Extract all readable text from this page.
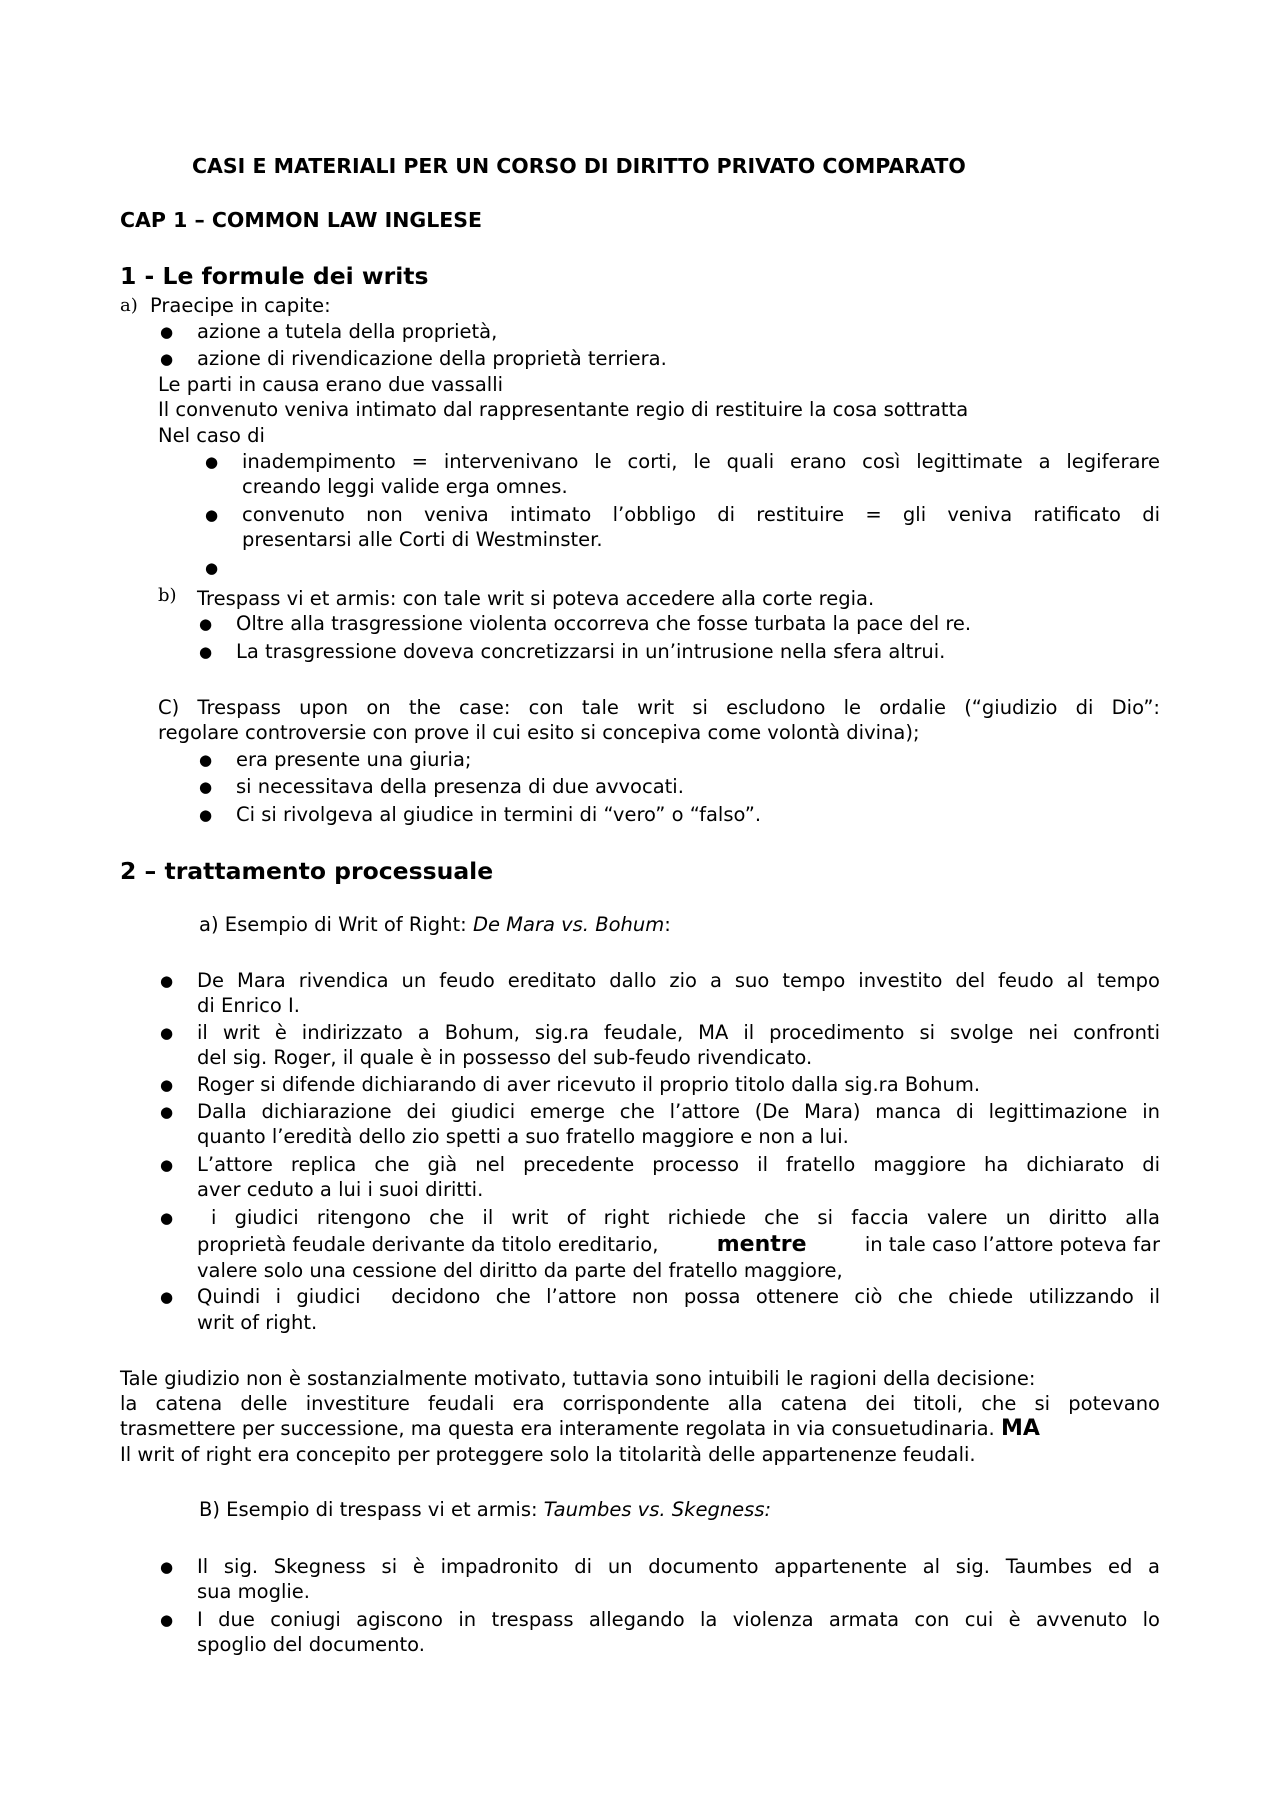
CASI E MATERIALI PER UN CORSO DI DIRITTO PRIVATO COMPARATO
CAP 1 – COMMON LAW INGLESE
1 - Le formule dei writs
a) Praecipe in capite:
● azione a tutela della proprietà,
● azione di rivendicazione della proprietà terriera.
Le parti in causa erano due vassalli
Il convenuto veniva intimato dal rappresentante regio di restituire la cosa sottratta
Nel caso di
● inadempimento = intervenivano le corti, le quali erano così legittimate a legiferare
creando leggi valide erga omnes.
● convenuto non veniva intimato l’obbligo di restituire = gli veniva ratificato di
presentarsi alle Corti di Westminster.
●
b) Trespass vi et armis: con tale writ si poteva accedere alla corte regia.
● Oltre alla trasgressione violenta occorreva che fosse turbata la pace del re.
● La trasgressione doveva concretizzarsi in un’intrusione nella sfera altrui.
C) Trespass upon on the case: con tale writ si escludono le ordalie (“giudizio di Dio”:
regolare controversie con prove il cui esito si concepiva come volontà divina);
● era presente una giuria;
● si necessitava della presenza di due avvocati.
● Ci si rivolgeva al giudice in termini di “vero” o “falso”.
2 – trattamento processuale
a) Esempio di Writ of Right: De Mara vs. Bohum:
● De Mara rivendica un feudo ereditato dallo zio a suo tempo investito del feudo al tempo
di Enrico I.
● il writ è indirizzato a Bohum, sig.ra feudale, MA il procedimento si svolge nei confronti
del sig. Roger, il quale è in possesso del sub-feudo rivendicato.
● Roger si difende dichiarando di aver ricevuto il proprio titolo dalla sig.ra Bohum.
● Dalla dichiarazione dei giudici emerge che l’attore (De Mara) manca di legittimazione in
quanto l’eredità dello zio spetti a suo fratello maggiore e non a lui.
● L’attore replica che già nel precedente processo il fratello maggiore ha dichiarato di
aver ceduto a lui i suoi diritti.
● i giudici ritengono che il writ of right richiede che si faccia valere un diritto alla
proprietà feudale derivante da titolo ereditario,	mentre	in tale caso l’attore poteva far
valere solo una cessione del diritto da parte del fratello maggiore,
● Quindi i giudici  decidono che l’attore non possa ottenere ciò che chiede utilizzando il
writ of right.
Tale giudizio non è sostanzialmente motivato, tuttavia sono intuibili le ragioni della decisione:
la catena delle investiture feudali era corrispondente alla catena dei titoli, che si potevano
trasmettere per successione, ma questa era interamente regolata in via consuetudinaria. MA
Il writ of right era concepito per proteggere solo la titolarità delle appartenenze feudali.
B) Esempio di trespass vi et armis: Taumbes vs. Skegness:
● Il sig. Skegness si è impadronito di un documento appartenente al sig. Taumbes ed a
sua moglie.
● I due coniugi agiscono in trespass allegando la violenza armata con cui è avvenuto lo
spoglio del documento.
